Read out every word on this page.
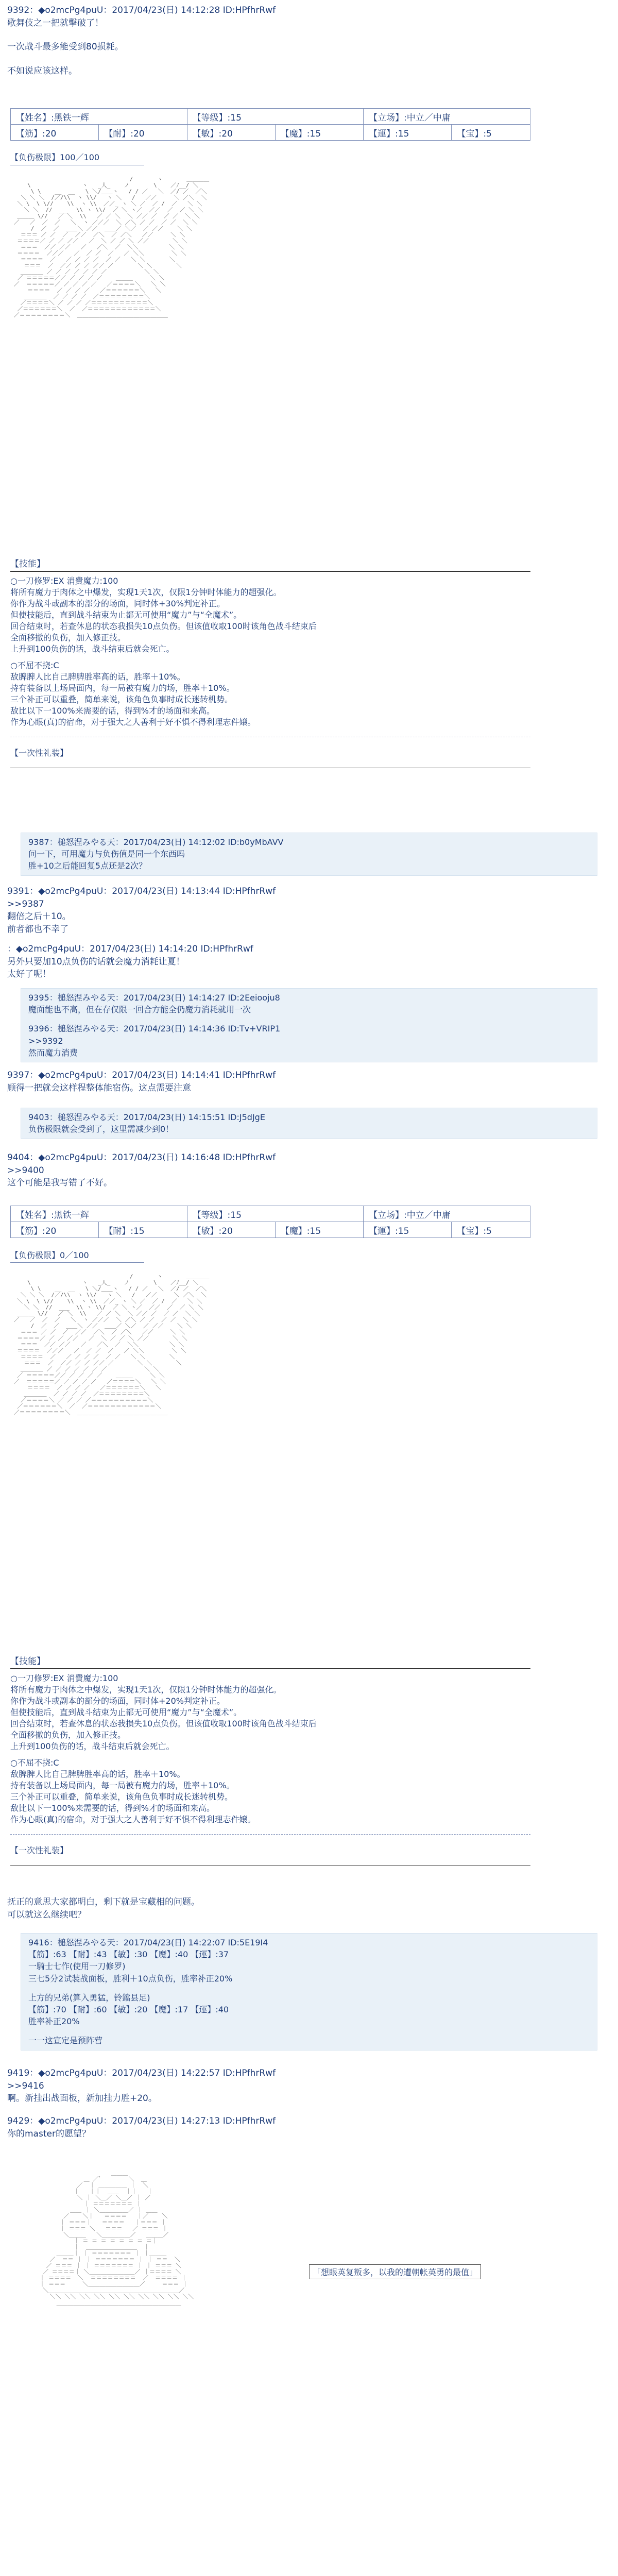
9392：◆o2mcPg4puU：2017/04/23(日) 14:12:28 ID:HPfhrRwf
歌舞伎之一把就擊破了！
一次战斗最多能受到80损耗。
不如说应该这样。
【姓名】:黑铁一辉		【等级】:15		【立场】:中立／中庸	
【筋】:20	【耐】:20	【敏】:20	【魔】:15	【運】:15	【宝】:5
【负伤极限】100／100

/       ヽ       ＿＿＿＿
\               ヽ   _人_    ノ       \    ／ﾉ__/ ＼
\ \    __  __   \ ＼/＿＿ヽ   / / ／   ＼  ／/ ／  ／＼
＼ ＼ ＼  /／/\\  ヽ \\/   ヽ ＼   /   ／／     ＼ ／＼  ＼
＼ \  \ \//    \\  ヽ \\  ／／_ ヽ ＼ ／  ／ /  ／   ＼ ＼
＼ ＼  //  ___  \\ ヽ \\/  ／ ＼ ヽ／  ／／  ／  ／ ＼ ＼
＿＿＿ \//   ／ ＼  \\   ／ ／ ＼  ＼ ／／ ／  ／ ／  ＼ ＼
／   ／  ／  ／   ＼  ヽ ／／／  ＼ ／＼ ／ ／  ／ ／  ＼ ＼
/  ／  ／  ＿＿＼ ／／  ＿＿／ ＼／  ／ ／／    ＼ ＼
＝＝＝ ／ ／  ／  ／／  ／＼  ／ ／＼   ／／     ＼ ＼
＝＝＝＝／ ／ ／ ／／   ／  ＼ ／ ／ ＼ ／／       ＼ ＼
＝＝＝  ／／ ／／   ／   ／＼  ／  ＼＼         ＼ ＼
＝＝＝＝  ／／／   ／  ／ ／  ／   ／ ＼＼        ＼ ＼
＝＝＝＝  ／   ／ ／ ／ ／  ／ ／   ＼ ＼       ＼
＝＝＝  ／  ／／ ／ ／ ／／ ／       ＼ ＼       ＼
＿＿＿＿ ／ ／ ／ ／ ／ ／ ／           ＼ ＼
／ ＝＝＝＝＝／／ ／ ／ ／ ／    ＿＿＿     ＼ ＼
／  ＝＝＝＝＝／ ／ ／ ／ ／   ／＝＝＝＝＼   ＼ ＼
＝＝＝＝  ／ ／ ／ ／   ／＝＝＝＝＝＝＼   ＼
＿＿＿＿  ／ ／ ／ ／  ／＝＝＝＝＝＝＝＝＼
／＝＝＝＝＼ ／ ／ ／ ／＝＝＝＝＝＝＝＝＝＝＼
／＝＝＝＝＝＝＼  ／  ／＝＝＝＝＝＝＝＝＝＝＝＝＼
／＝＝＝＝＝＝＝＝＼  ＿＿＿＿＿＿＿＿＿＿＿＿＿＿＿＿

【技能】
○一刀修罗:EX 消費魔力:100
将所有魔力于肉体之中爆发，实现1天1次，仅限1分钟时体能力的超强化。
你作为战斗或副本的部分的场面，同时体+30%判定补正。
但使技能后，直到战斗结束为止都无可使用“魔力”与“全魔术”。
回合结束时，若查休息的状态我损失10点负伤。但该值收取100时该角色战斗结束后
全面移撤的负伤，加入修正技。
上升到100负伤的话，战斗结束后就会死亡。
○不屈不挠:C
敌脾脾人比自己脾脾胜率高的话，胜率＋10%。
持有装备以上场局面内，每一局被有魔力的场，胜率＋10%。
三个补正可以重叠，简单来说，该角色负事时成长迷转机势。
敌比以下一100%来需要的话，得到%才的场面和来高。
作为心眼(真)的宿命，对于强大之人善利于好不惧不得利理志件嬢。
【一次性礼装】
9387：槌怒涅みやる天：2017/04/23(日) 14:12:02 ID:b0yMbAVV
问一下，可用魔力与负伤值是同一个东西吗
胜+10之后能回复5点还是2次？
9391：◆o2mcPg4puU：2017/04/23(日) 14:13:44 ID:HPfhrRwf
>>9387
翻倍之后＋10。
前者都也不幸了
：◆o2mcPg4puU：2017/04/23(日) 14:14:20 ID:HPfhrRwf
另外只要加10点负伤的话就会魔力消耗让夏！
太好了呢！
9395：槌怒涅みやる天：2017/04/23(日) 14:14:27 ID:2Eeiooju8
魔面能也不高，但在存仅限一回合方能全仍魔力消耗就用一次
9396：槌怒涅みやる天：2017/04/23(日) 14:14:36 ID:Tv+VRIP1
>>9392
然而魔力消费
9397：◆o2mcPg4puU：2017/04/23(日) 14:14:41 ID:HPfhrRwf
顾得一把就会这样程整体能宿伤。这点需要注意
9403：槌怒涅みやる天：2017/04/23(日) 14:15:51 ID:J5dJgE
负伤极限就会受到了，这里需减少到0！
9404：◆o2mcPg4puU：2017/04/23(日) 14:16:48 ID:HPfhrRwf
>>9400
这个可能是我写错了不好。
【姓名】:黑铁一辉		【等级】:15		【立场】:中立／中庸	
【筋】:20	【耐】:15	【敏】:20	【魔】:15	【運】:15	【宝】:5
【负伤极限】0／100

/       ヽ       ＿＿＿＿
\               ヽ   _人_    ノ       \    ／ﾉ__/ ＼
\ \    __  __   \ ＼/＿＿ヽ   / / ／   ＼  ／/ ／  ／＼
＼ ＼ ＼  /／/\\  ヽ \\/   ヽ ＼   /   ／／     ＼ ／＼  ＼
＼ \  \ \//    \\  ヽ \\  ／／_ ヽ ＼ ／  ／ /  ／   ＼ ＼
＼ ＼  //  ___  \\ ヽ \\/  ／ ＼ ヽ／  ／／  ／  ／ ＼ ＼
＿＿＿ \//   ／ ＼  \\   ／ ／ ＼  ＼ ／／ ／  ／ ／  ＼ ＼
／   ／  ／  ／   ＼  ヽ ／／／  ＼ ／＼ ／ ／  ／ ／  ＼ ＼
/  ／  ／  ＿＿＼ ／／  ＿＿／ ＼／  ／ ／／    ＼ ＼
＝＝＝ ／ ／  ／  ／／  ／＼  ／ ／＼   ／／     ＼ ＼
＝＝＝＝／ ／ ／ ／／   ／  ＼ ／ ／ ＼ ／／       ＼ ＼
＝＝＝  ／／ ／／   ／   ／＼  ／  ＼＼         ＼ ＼
＝＝＝＝  ／／／   ／  ／ ／  ／   ／ ＼＼        ＼ ＼
＝＝＝＝  ／   ／ ／ ／ ／  ／ ／   ＼ ＼       ＼
＝＝＝  ／  ／／ ／ ／ ／／ ／       ＼ ＼       ＼
＿＿＿＿ ／ ／ ／ ／ ／ ／ ／           ＼ ＼
／ ＝＝＝＝＝／／ ／ ／ ／ ／    ＿＿＿     ＼ ＼
／  ＝＝＝＝＝／ ／ ／ ／ ／   ／＝＝＝＝＼   ＼ ＼
＝＝＝＝  ／ ／ ／ ／   ／＝＝＝＝＝＝＼   ＼
＿＿＿＿  ／ ／ ／ ／  ／＝＝＝＝＝＝＝＝＼
／＝＝＝＝＼ ／ ／ ／ ／＝＝＝＝＝＝＝＝＝＝＼
／＝＝＝＝＝＝＼  ／  ／＝＝＝＝＝＝＝＝＝＝＝＝＼
／＝＝＝＝＝＝＝＝＼  ＿＿＿＿＿＿＿＿＿＿＿＿＿＿＿＿

【技能】
○一刀修罗:EX 消費魔力:100
将所有魔力于肉体之中爆发，实现1天1次，仅限1分钟时体能力的超强化。
你作为战斗或副本的部分的场面，同时体+20%判定补正。
但使技能后，直到战斗结束为止都无可使用“魔力”与“全魔术”。
回合结束时，若查休息的状态我损失10点负伤。但该值收取100时该角色战斗结束后
全面移撤的负伤，加入修正技。
上升到100负伤的话，战斗结束后就会死亡。
○不屈不挠:C
敌脾脾人比自己脾脾胜率高的话，胜率＋10%。
持有装备以上场局面内，每一局被有魔力的场，胜率＋10%。
三个补正可以重叠，简单来说，该角色负事时成长迷转机势。
敌比以下一100%来需要的话，得到%才的场面和来高。
作为心眼(真)的宿命，对于强大之人善利于好不惧不得利理志件嬢。
【一次性礼装】
抚正的意思大家都明白，剩下就是宝藏相的问题。
可以就这么继续吧？
9416：槌怒涅みやる天：2017/04/23(日) 14:22:07 ID:5E19I4
【筋】:63 【耐】:43 【敏】:30 【魔】:40 【運】:37
一騎士七作(使用一刀修罗)
三七5分2试装战面板，胜利＋10点负伤，胜率补正20%
上方的兄弟(算入勇猛，铃鐺县足)
【筋】:70 【耐】:60 【敏】:20 【魔】:17 【運】:40
胜率补正20%
一一这宣定是预阵营
9419：◆o2mcPg4puU：2017/04/23(日) 14:22:57 ID:HPfhrRwf
>>9416
啊。新挂出战面板，新加挂力胜+20。
9429：◆o2mcPg4puU：2017/04/23(日) 14:27:13 ID:HPfhrRwf
你的master的愿望？

＿＿＿
＿ ／ﾞ        ＼  ＿
／  ｜ ＿＿＿＿＿ ｜  ＼
｜   ｜｜  ＿＿  ｜｜   ｜
＼ ｜ ＼＿／ ＼＿／ ｜ ／
｜ ＝＝＝＝＝＝＝ ｜
＿＿ ｜ ＼＿＿＿＿＿／ ｜ ＿＿
／    ＼｜   ＝＝＝＝   ｜／    ＼
｜ ＝＝＝｜   ＝＝＝＝   ｜＝＝＝ ｜
｜ ＝＝＝ ＼   ＝＝＝   ／ ＝＝＝ ｜
＼＿＿＿   ＼＿＿＿＿＿／   ＿＿＿／
｜ ＝ ＝ ＝ ＝ ＝ ＝ ＝ ＝｜
｜  ＿＿＿＿＿＿＿＿＿  ｜
＿＿＿｜ ｜ ＝＝＝＝＝＝＝ ｜ ｜＿＿＿
／  ＝＝ ｜ ｜ ＝＝＝＝＝＝＝ ｜ ｜ ＝＝  ＼
／ ＝＝＝ ｜ ｜ ＝＝＝＝＝＝＝ ｜ ｜ ＝＝＝ ＼
／ ＝＝＝＝｜ ＼＿＿＿＿＿＿＿＿／ ｜＝＝＝＝ ＼
｜ ＝＝＝＝  ＼  ＝＝＝＝＝＝＝＝  ／  ＝＝＝＝ ｜
｜ ＝＝＝     ＼＿＿＿＿＿＿＿＿＿／     ＝＝＝ ｜
＼＿＿＿＿＿＿＿＿＿＿＿＿＿＿＿＿＿＿＿＿＿＿＿／
＼＼ ＼＼ ＼＼ ＼＼ ＼＼ ＼＼ ＼＼ ＼＼ ＼＼ ＼＼
＿＿＿＿＿＿＿＿＿＿＿＿＿＿＿＿＿＿＿＿＿＿

「想眼英复叛多，以我的遭朝帐英勇的最值」
